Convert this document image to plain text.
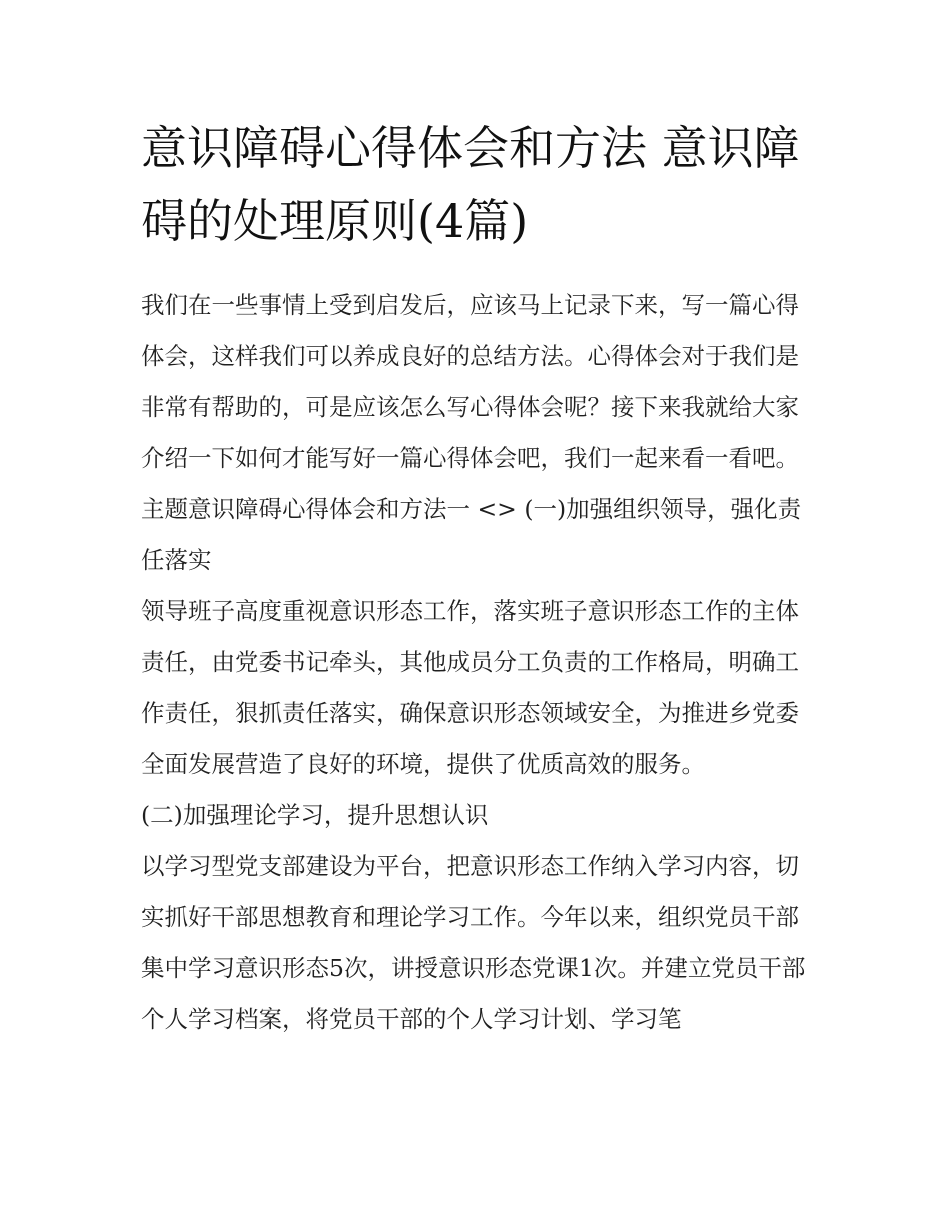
意识障碍心得体会和方法 意识障碍的处理原则(4篇)

我们在一些事情上受到启发后，应该马上记录下来，写一篇心得体会，这样我们可以养成良好的总结方法。心得体会对于我们是非常有帮助的，可是应该怎么写心得体会呢？接下来我就给大家介绍一下如何才能写好一篇心得体会吧，我们一起来看一看吧。

主题意识障碍心得体会和方法一 <> (一)加强组织领导，强化责任落实

领导班子高度重视意识形态工作，落实班子意识形态工作的主体责任，由党委书记牵头，其他成员分工负责的工作格局，明确工作责任，狠抓责任落实，确保意识形态领域安全，为推进乡党委全面发展营造了良好的环境，提供了优质高效的服务。

(二)加强理论学习，提升思想认识

以学习型党支部建设为平台，把意识形态工作纳入学习内容，切实抓好干部思想教育和理论学习工作。今年以来，组织党员干部集中学习意识形态5次，讲授意识形态党课1次。并建立党员干部个人学习档案，将党员干部的个人学习计划、学习笔
